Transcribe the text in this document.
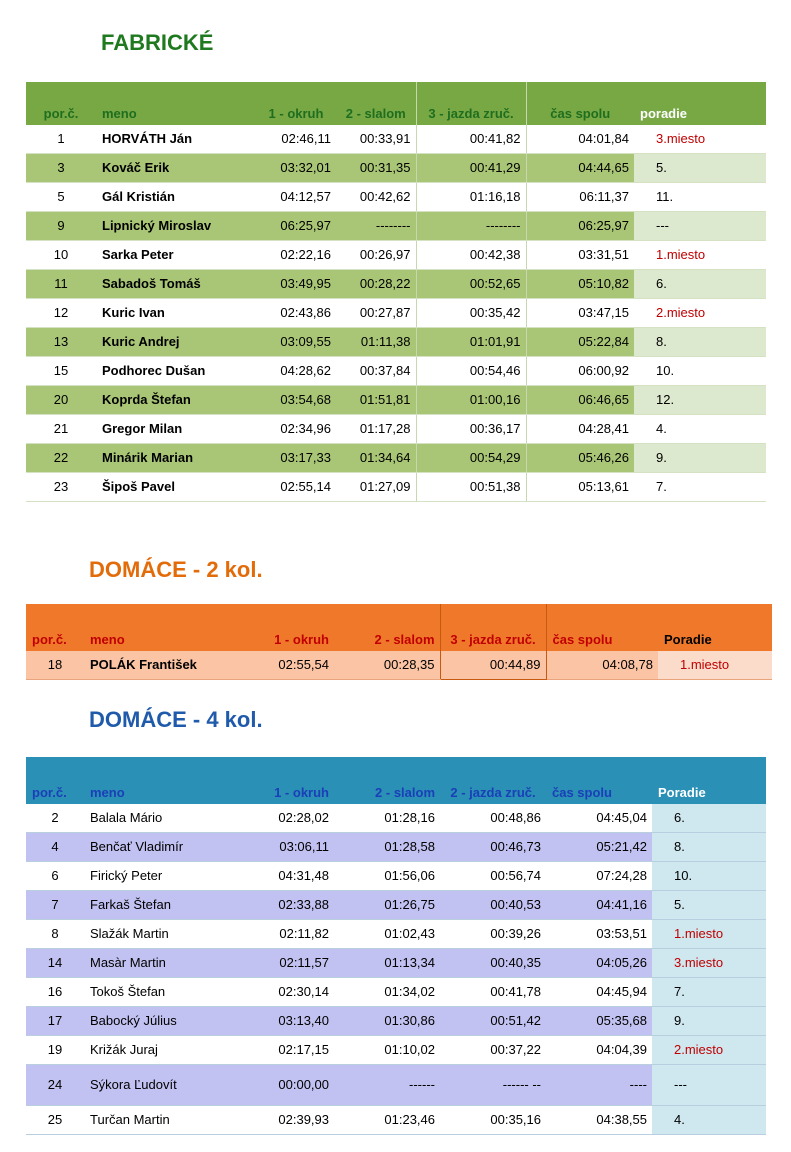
FABRICKÉ
por.č.	meno	1 - okruh	2 - slalom	3 - jazda zruč.	čas spolu	poradie
1	HORVÁTH Ján	02:46,11	00:33,91	00:41,82	04:01,84	3.miesto
3	Kováč Erik	03:32,01	00:31,35	00:41,29	04:44,65	5.
5	Gál Kristián	04:12,57	00:42,62	01:16,18	06:11,37	11.
9	Lipnický Miroslav	06:25,97	--------	--------	06:25,97	---
10	Sarka Peter	02:22,16	00:26,97	00:42,38	03:31,51	1.miesto
11	Sabadoš Tomáš	03:49,95	00:28,22	00:52,65	05:10,82	6.
12	Kuric Ivan	02:43,86	00:27,87	00:35,42	03:47,15	2.miesto
13	Kuric Andrej	03:09,55	01:11,38	01:01,91	05:22,84	8.
15	Podhorec Dušan	04:28,62	00:37,84	00:54,46	06:00,92	10.
20	Koprda Štefan	03:54,68	01:51,81	01:00,16	06:46,65	12.
21	Gregor Milan	02:34,96	01:17,28	00:36,17	04:28,41	4.
22	Minárik Marian	03:17,33	01:34,64	00:54,29	05:46,26	9.
23	Šipoš Pavel	02:55,14	01:27,09	00:51,38	05:13,61	7.
DOMÁCE - 2 kol.
por.č.	meno	1 - okruh	2 - slalom	3 - jazda zruč.	čas spolu	Poradie
18	POLÁK František	02:55,54	00:28,35	00:44,89	04:08,78	1.miesto
DOMÁCE - 4 kol.
por.č.	meno	1 - okruh	2 - slalom	2 - jazda zruč.	čas spolu	Poradie
2	Balala Mário	02:28,02	01:28,16	00:48,86	04:45,04	6.
4	Benčať Vladimír	03:06,11	01:28,58	00:46,73	05:21,42	8.
6	Firický Peter	04:31,48	01:56,06	00:56,74	07:24,28	10.
7	Farkaš Štefan	02:33,88	01:26,75	00:40,53	04:41,16	5.
8	Slažák Martin	02:11,82	01:02,43	00:39,26	03:53,51	1.miesto
14	Masàr Martin	02:11,57	01:13,34	00:40,35	04:05,26	3.miesto
16	Tokoš Štefan	02:30,14	01:34,02	00:41,78	04:45,94	7.
17	Babocký Július	03:13,40	01:30,86	00:51,42	05:35,68	9.
19	Križák Juraj	02:17,15	01:10,02	00:37,22	04:04,39	2.miesto
24	Sýkora Ľudovít	00:00,00	------	------ --	----	---
25	Turčan Martin	02:39,93	01:23,46	00:35,16	04:38,55	4.
